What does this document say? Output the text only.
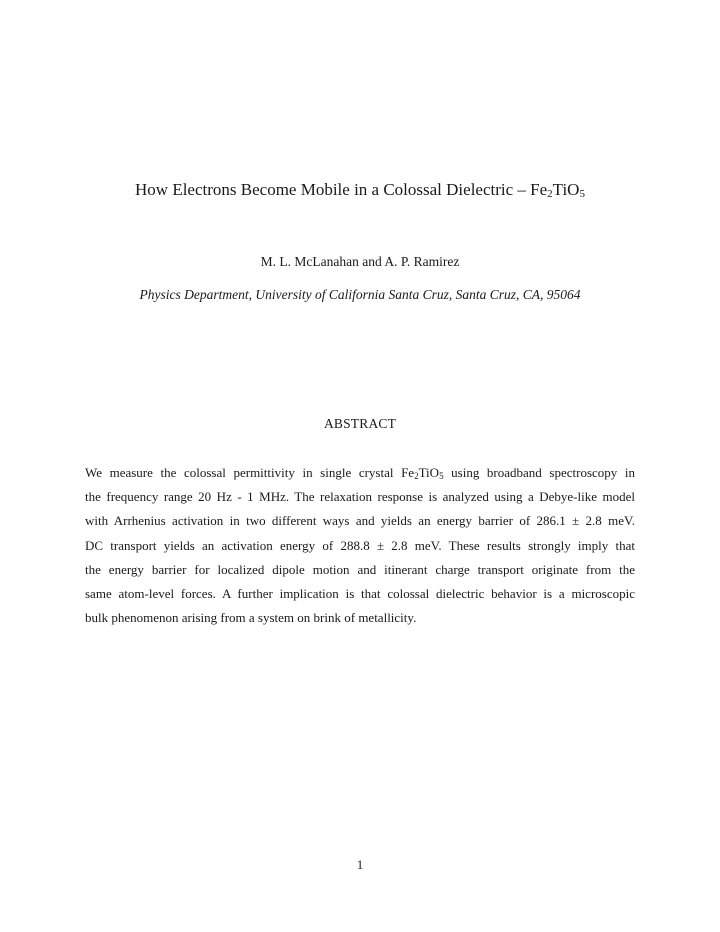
How Electrons Become Mobile in a Colossal Dielectric – $Fe_2TiO_5$
M. L. McLanahan and A. P. Ramirez
Physics Department, University of California Santa Cruz, Santa Cruz, CA, 95064
ABSTRACT
We measure the colossal permittivity in single crystal $Fe_2TiO_5$ using broadband spectroscopy in
the frequency range 20 Hz - 1 MHz. The relaxation response is analyzed using a Debye-like model
with Arrhenius activation in two different ways and yields an energy barrier of 286.1 ± 2.8 meV.
DC transport yields an activation energy of 288.8 ± 2.8 meV. These results strongly imply that
the energy barrier for localized dipole motion and itinerant charge transport originate from the
same atom-level forces. A further implication is that colossal dielectric behavior is a microscopic
bulk phenomenon arising from a system on brink of metallicity.
1
